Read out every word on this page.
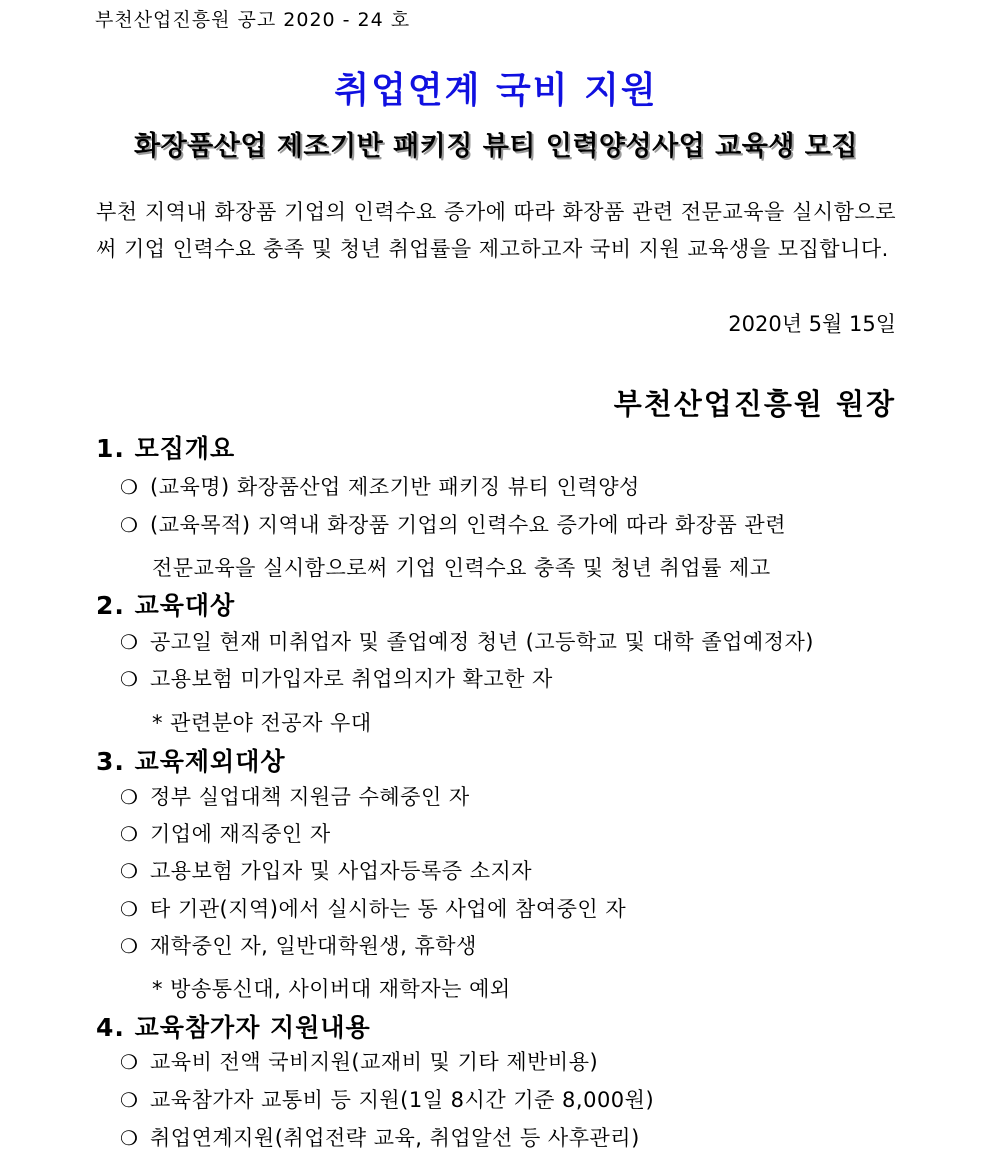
부천산업진흥원 공고 2020 - 24 호
취업연계 국비 지원
화장품산업 제조기반 패키징 뷰티 인력양성사업 교육생 모집
부천 지역내 화장품 기업의 인력수요 증가에 따라 화장품 관련 전문교육을 실시함으로써 기업 인력수요 충족 및 청년 취업률을 제고하고자 국비 지원 교육생을 모집합니다.
2020년 5월 15일
부천산업진흥원 원장
1. 모집개요
❍ (교육명) 화장품산업 제조기반 패키징 뷰티 인력양성
❍ (교육목적) 지역내 화장품 기업의 인력수요 증가에 따라 화장품 관련
전문교육을 실시함으로써 기업 인력수요 충족 및 청년 취업률 제고
2. 교육대상
❍ 공고일 현재 미취업자 및 졸업예정 청년 (고등학교 및 대학 졸업예정자)
❍ 고용보험 미가입자로 취업의지가 확고한 자
* 관련분야 전공자 우대
3. 교육제외대상
❍ 정부 실업대책 지원금 수혜중인 자
❍ 기업에 재직중인 자
❍ 고용보험 가입자 및 사업자등록증 소지자
❍ 타 기관(지역)에서 실시하는 동 사업에 참여중인 자
❍ 재학중인 자, 일반대학원생, 휴학생
* 방송통신대, 사이버대 재학자는 예외
4. 교육참가자 지원내용
❍ 교육비 전액 국비지원(교재비 및 기타 제반비용)
❍ 교육참가자 교통비 등 지원(1일 8시간 기준 8,000원)
❍ 취업연계지원(취업전략 교육, 취업알선 등 사후관리)
